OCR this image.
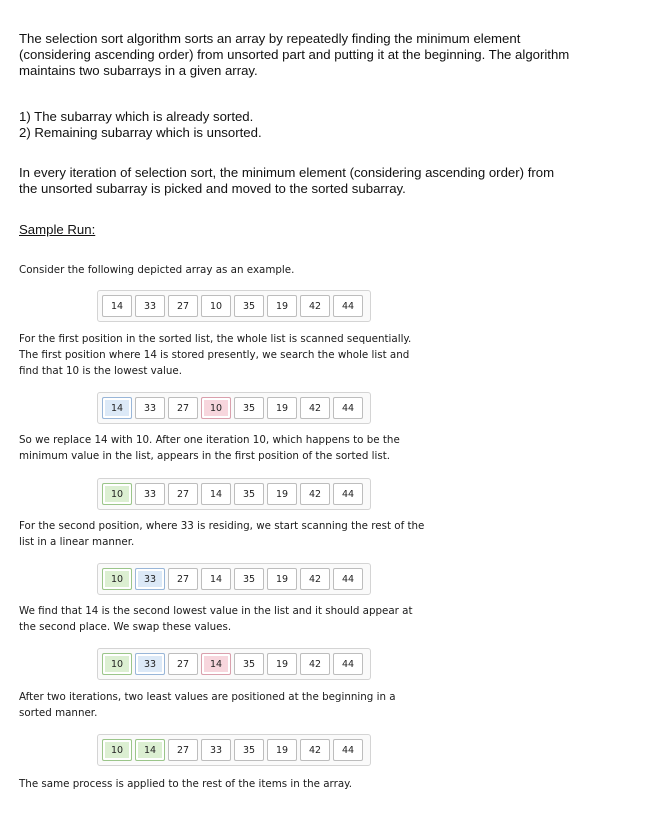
The selection sort algorithm sorts an array by repeatedly finding the minimum element
(considering ascending order) from unsorted part and putting it at the beginning. The algorithm
maintains two subarrays in a given array.

1) The subarray which is already sorted.

2) Remaining subarray which is unsorted.

In every iteration of selection sort, the minimum element (considering ascending order) from
the unsorted subarray is picked and moved to the sorted subarray.

Sample Run:

Consider the following depicted array as an example.

14	33	27	10	35	19	42	44

For the first position in the sorted list, the whole list is scanned sequentially.
The first position where 14 is stored presently, we search the whole list and
find that 10 is the lowest value.

14	33	27	10	35	19	42	44

So we replace 14 with 10. After one iteration 10, which happens to be the
minimum value in the list, appears in the first position of the sorted list.

10	33	27	14	35	19	42	44

For the second position, where 33 is residing, we start scanning the rest of the
list in a linear manner.

10	33	27	14	35	19	42	44

We find that 14 is the second lowest value in the list and it should appear at
the second place. We swap these values.

10	33	27	14	35	19	42	44

After two iterations, two least values are positioned at the beginning in a
sorted manner.

10	14	27	33	35	19	42	44

The same process is applied to the rest of the items in the array.
